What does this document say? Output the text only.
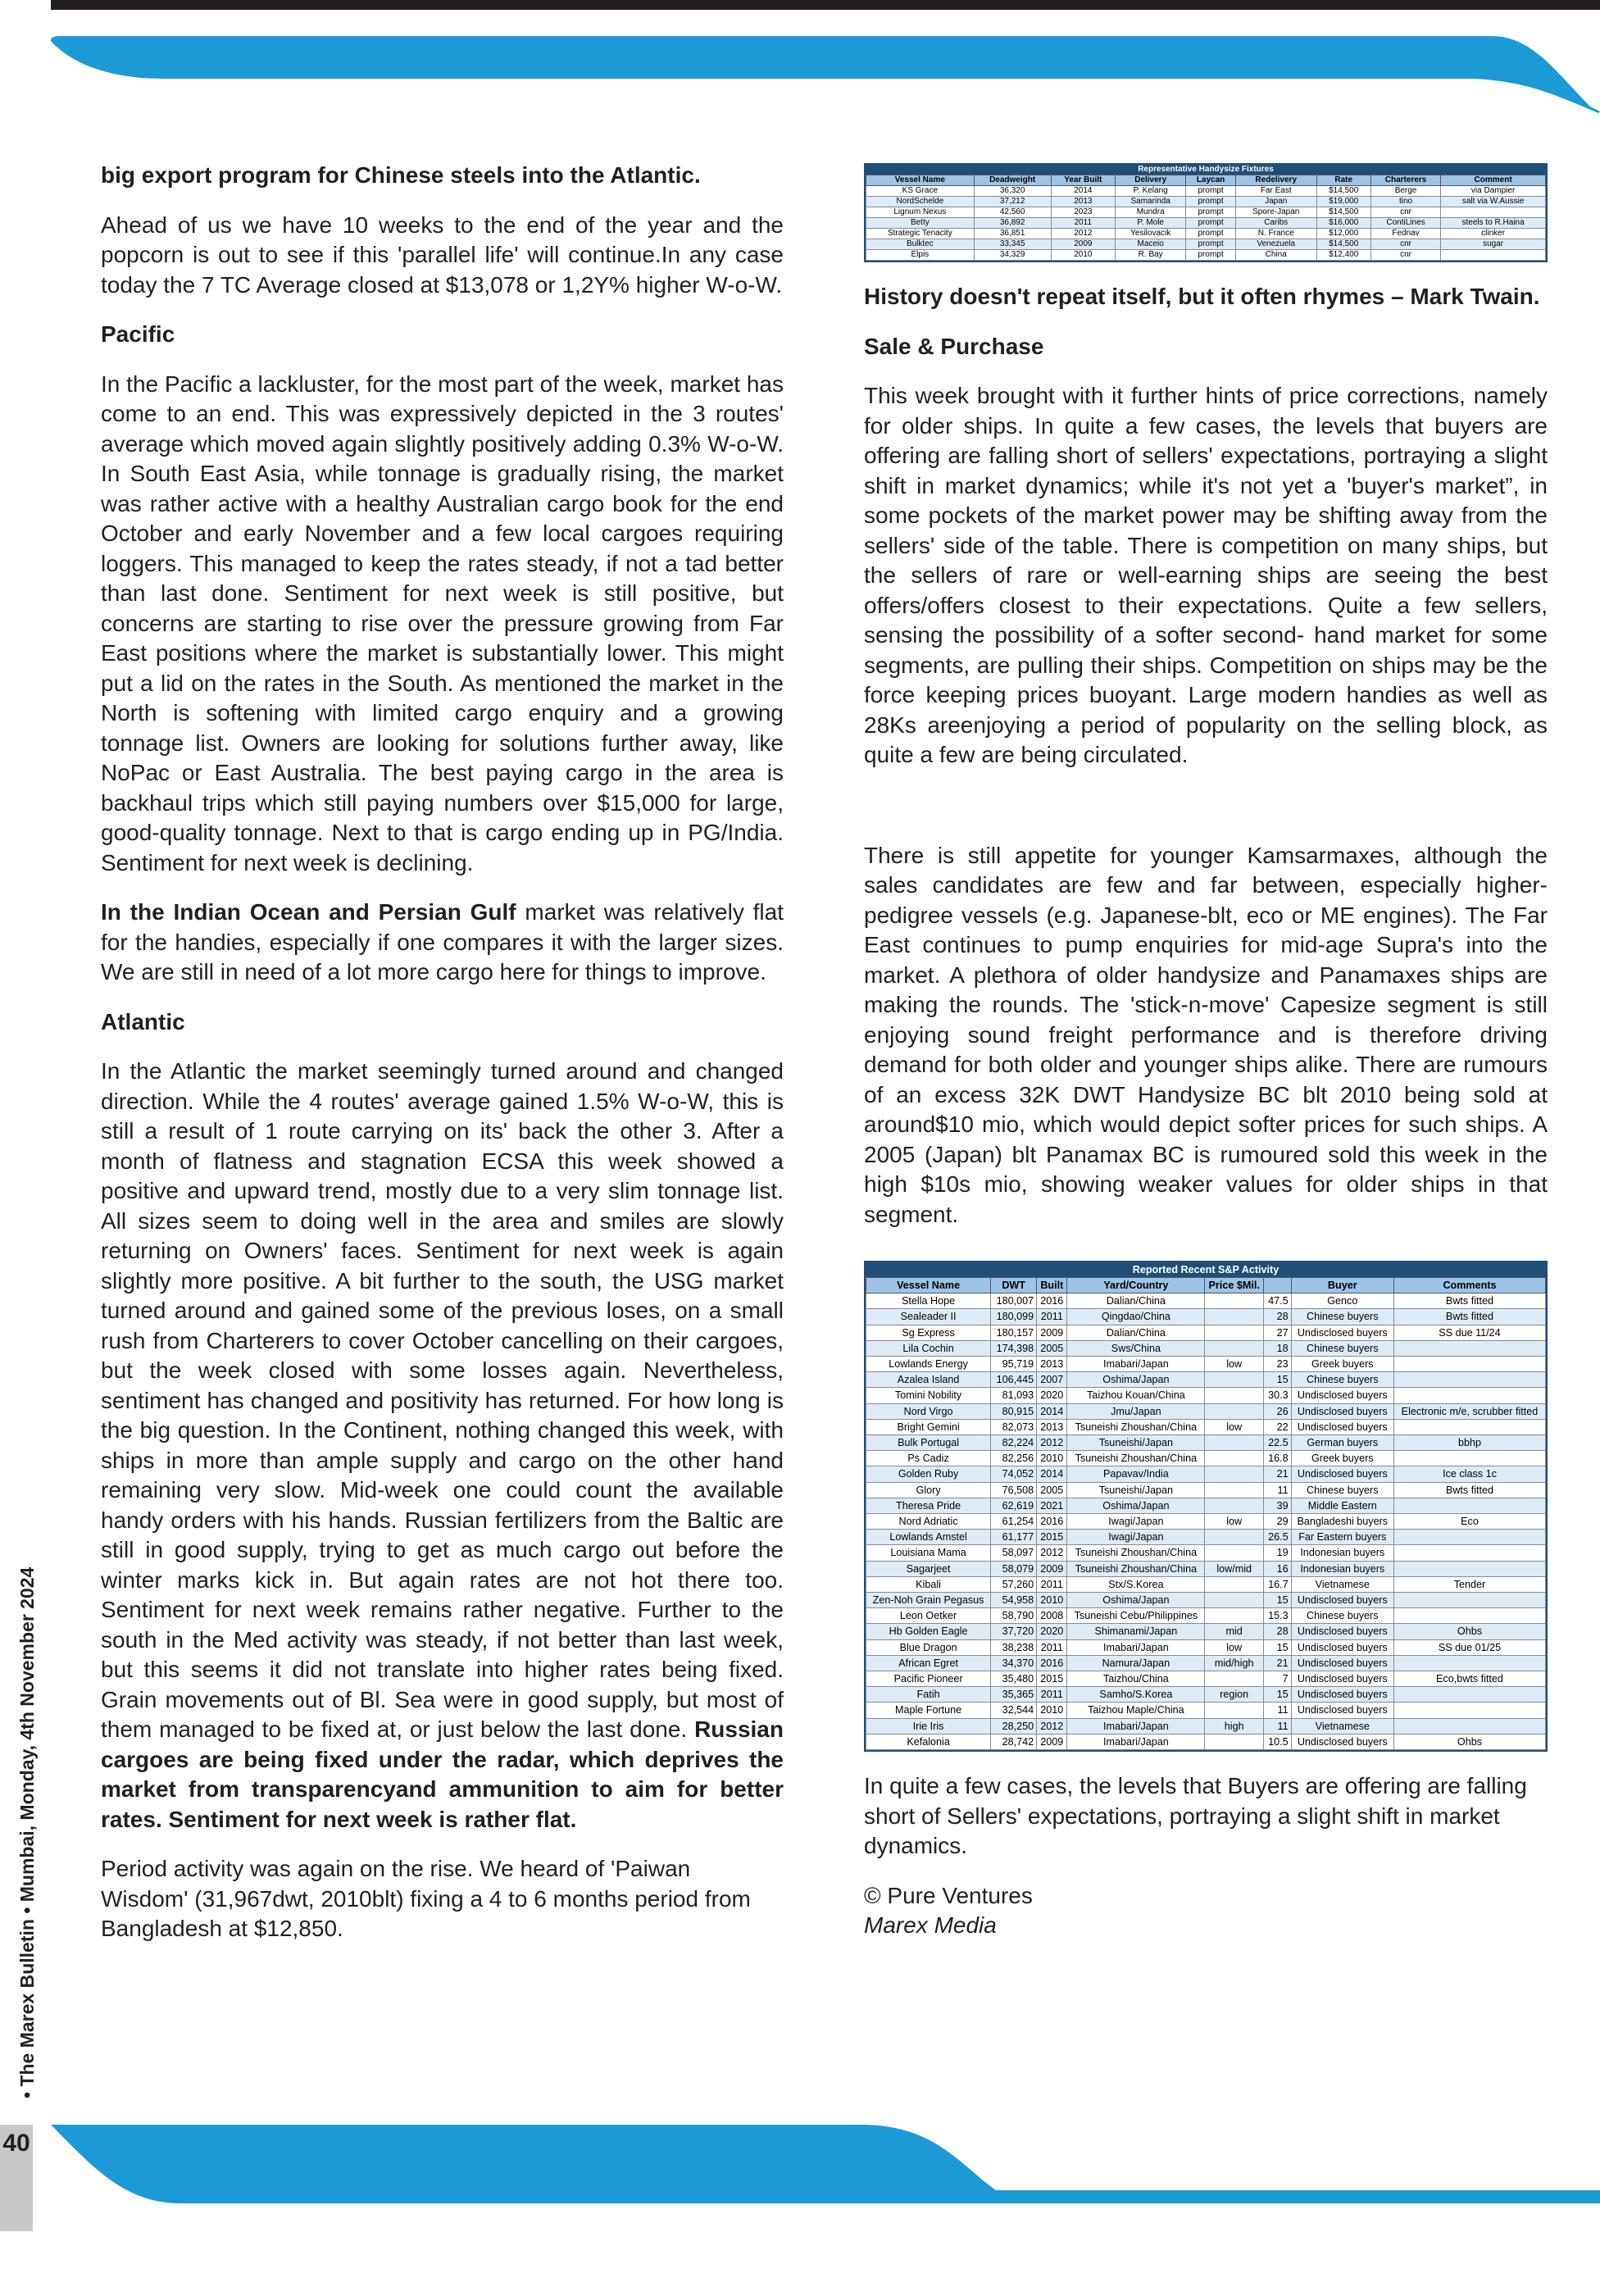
big export program for Chinese steels into the Atlantic.

Ahead of us we have 10 weeks to the end of the year and the popcorn is out to see if this 'parallel life' will continue.In any case today the 7 TC Average closed at $13,078 or 1,2Y% higher W-o-W.

Pacific

In the Pacific a lackluster, for the most part of the week, market has come to an end. This was expressively depicted in the 3 routes' average which moved again slightly positively adding 0.3% W-o-W. In South East Asia, while tonnage is gradually rising, the market was rather active with a healthy Australian cargo book for the end October and early November and a few local cargoes requiring loggers. This managed to keep the rates steady, if not a tad better than last done. Sentiment for next week is still positive, but concerns are starting to rise over the pressure growing from Far East positions where the market is substantially lower. This might put a lid on the rates in the South. As mentioned the market in the North is softening with limited cargo enquiry and a growing tonnage list. Owners are looking for solutions further away, like NoPac or East Australia. The best paying cargo in the area is backhaul trips which still paying numbers over $15,000 for large, good-quality tonnage. Next to that is cargo ending up in PG/India. Sentiment for next week is declining.

In the Indian Ocean and Persian Gulf market was relatively flat for the handies, especially if one compares it with the larger sizes. We are still in need of a lot more cargo here for things to improve.

Atlantic

In the Atlantic the market seemingly turned around and changed direction. While the 4 routes' average gained 1.5% W-o-W, this is still a result of 1 route carrying on its' back the other 3. After a month of flatness and stagnation ECSA this week showed a positive and upward trend, mostly due to a very slim tonnage list. All sizes seem to doing well in the area and smiles are slowly returning on Owners' faces. Sentiment for next week is again slightly more positive. A bit further to the south, the USG market turned around and gained some of the previous loses, on a small rush from Charterers to cover October cancelling on their cargoes, but the week closed with some losses again. Nevertheless, sentiment has changed and positivity has returned. For how long is the big question. In the Continent, nothing changed this week, with ships in more than ample supply and cargo on the other hand remaining very slow. Mid-week one could count the available handy orders with his hands. Russian fertilizers from the Baltic are still in good supply, trying to get as much cargo out before the winter marks kick in. But again rates are not hot there too. Sentiment for next week remains rather negative. Further to the south in the Med activity was steady, if not better than last week, but this seems it did not translate into higher rates being fixed. Grain movements out of Bl. Sea were in good supply, but most of them managed to be fixed at, or just below the last done. Russian cargoes are being fixed under the radar, which deprives the market from transparencyand ammunition to aim for better rates. Sentiment for next week is rather flat.

Period activity was again on the rise. We heard of 'Paiwan Wisdom' (31,967dwt, 2010blt) fixing a 4 to 6 months period from Bangladesh at $12,850.

Representative Handysize Fixtures
Vessel Name	Deadweight	Year Built	Delivery	Laycan	Redelivery	Rate	Charterers	Comment
KS Grace	36,320	2014	P. Kelang	prompt	Far East	$14,500	Berge	via Dampier
NordSchelde	37,212	2013	Samarinda	prompt	Japan	$19,000	tino	salt via W.Aussie
Lignum Nexus	42,560	2023	Mundra	prompt	Spore-Japan	$14,500	cnr	
Betty	36,892	2011	P. Mole	prompt	Caribs	$16,000	ContiLines	steels to R.Haina
Strategic Tenacity	36,851	2012	Yesilovacik	prompt	N. France	$12,000	Fednav	clinker
Bulktec	33,345	2009	Maceio	prompt	Venezuela	$14,500	cnr	sugar
Elpis	34,329	2010	R. Bay	prompt	China	$12,400	cnr	

History doesn't repeat itself, but it often rhymes – Mark Twain.

Sale & Purchase

This week brought with it further hints of price corrections, namely for older ships. In quite a few cases, the levels that buyers are offering are falling short of sellers' expectations, portraying a slight shift in market dynamics; while it's not yet a 'buyer's market”, in some pockets of the market power may be shifting away from the sellers' side of the table. There is competition on many ships, but the sellers of rare or well-earning ships are seeing the best offers/offers closest to their expectations. Quite a few sellers, sensing the possibility of a softer second- hand market for some segments, are pulling their ships. Competition on ships may be the force keeping prices buoyant. Large modern handies as well as 28Ks areenjoying a period of popularity on the selling block, as quite a few are being circulated.

There is still appetite for younger Kamsarmaxes, although the sales candidates are few and far between, especially higher-pedigree vessels (e.g. Japanese-blt, eco or ME engines). The Far East continues to pump enquiries for mid-age Supra's into the market. A plethora of older handysize and Panamaxes ships are making the rounds. The 'stick-n-move' Capesize segment is still enjoying sound freight performance and is therefore driving demand for both older and younger ships alike. There are rumours of an excess 32K DWT Handysize BC blt 2010 being sold at around$10 mio, which would depict softer prices for such ships. A 2005 (Japan) blt Panamax BC is rumoured sold this week in the high $10s mio, showing weaker values for older ships in that segment.

Reported Recent S&P Activity
Vessel Name	DWT	Built	Yard/Country	Price $Mil.		Buyer	Comments
Stella Hope	180,007	2016	Dalian/China		47.5	Genco	Bwts fitted
Sealeader II	180,099	2011	Qingdao/China		28	Chinese buyers	Bwts fitted
Sg Express	180,157	2009	Dalian/China		27	Undisclosed buyers	SS due 11/24
Lila Cochin	174,398	2005	Sws/China		18	Chinese buyers	
Lowlands Energy	95,719	2013	Imabari/Japan	low	23	Greek buyers	
Azalea Island	106,445	2007	Oshima/Japan		15	Chinese buyers	
Tomini Nobility	81,093	2020	Taizhou Kouan/China		30.3	Undisclosed buyers	
Nord Virgo	80,915	2014	Jmu/Japan		26	Undisclosed buyers	Electronic m/e, scrubber fitted
Bright Gemini	82,073	2013	Tsuneishi Zhoushan/China	low	22	Undisclosed buyers	
Bulk Portugal	82,224	2012	Tsuneishi/Japan		22.5	German buyers	bbhp
Ps Cadiz	82,256	2010	Tsuneishi Zhoushan/China		16.8	Greek buyers	
Golden Ruby	74,052	2014	Papavav/India		21	Undisclosed buyers	Ice class 1c
Glory	76,508	2005	Tsuneishi/Japan		11	Chinese buyers	Bwts fitted
Theresa Pride	62,619	2021	Oshima/Japan		39	Middle Eastern	
Nord Adriatic	61,254	2016	Iwagi/Japan	low	29	Bangladeshi buyers	Eco
Lowlands Amstel	61,177	2015	Iwagi/Japan		26.5	Far Eastern buyers	
Louisiana Mama	58,097	2012	Tsuneishi Zhoushan/China		19	Indonesian buyers	
Sagarjeet	58,079	2009	Tsuneishi Zhoushan/China	low/mid	16	Indonesian buyers	
Kibali	57,260	2011	Stx/S.Korea		16.7	Vietnamese	Tender
Zen-Noh Grain Pegasus	54,958	2010	Oshima/Japan		15	Undisclosed buyers	
Leon Oetker	58,790	2008	Tsuneishi Cebu/Philippines		15.3	Chinese buyers	
Hb Golden Eagle	37,720	2020	Shimanami/Japan	mid	28	Undisclosed buyers	Ohbs
Blue Dragon	38,238	2011	Imabari/Japan	low	15	Undisclosed buyers	SS due 01/25
African Egret	34,370	2016	Namura/Japan	mid/high	21	Undisclosed buyers	
Pacific Pioneer	35,480	2015	Taizhou/China		7	Undisclosed buyers	Eco,bwts fitted
Fatih	35,365	2011	Samho/S.Korea	region	15	Undisclosed buyers	
Maple Fortune	32,544	2010	Taizhou Maple/China		11	Undisclosed buyers	
Irie Iris	28,250	2012	Imabari/Japan	high	11	Vietnamese	
Kefalonia	28,742	2009	Imabari/Japan		10.5	Undisclosed buyers	Ohbs

In quite a few cases, the levels that Buyers are offering are falling short of Sellers' expectations, portraying a slight shift in market dynamics.

© Pure Ventures

Marex Media

• The Marex Bulletin • Mumbai, Monday, 4th November 2024
40
